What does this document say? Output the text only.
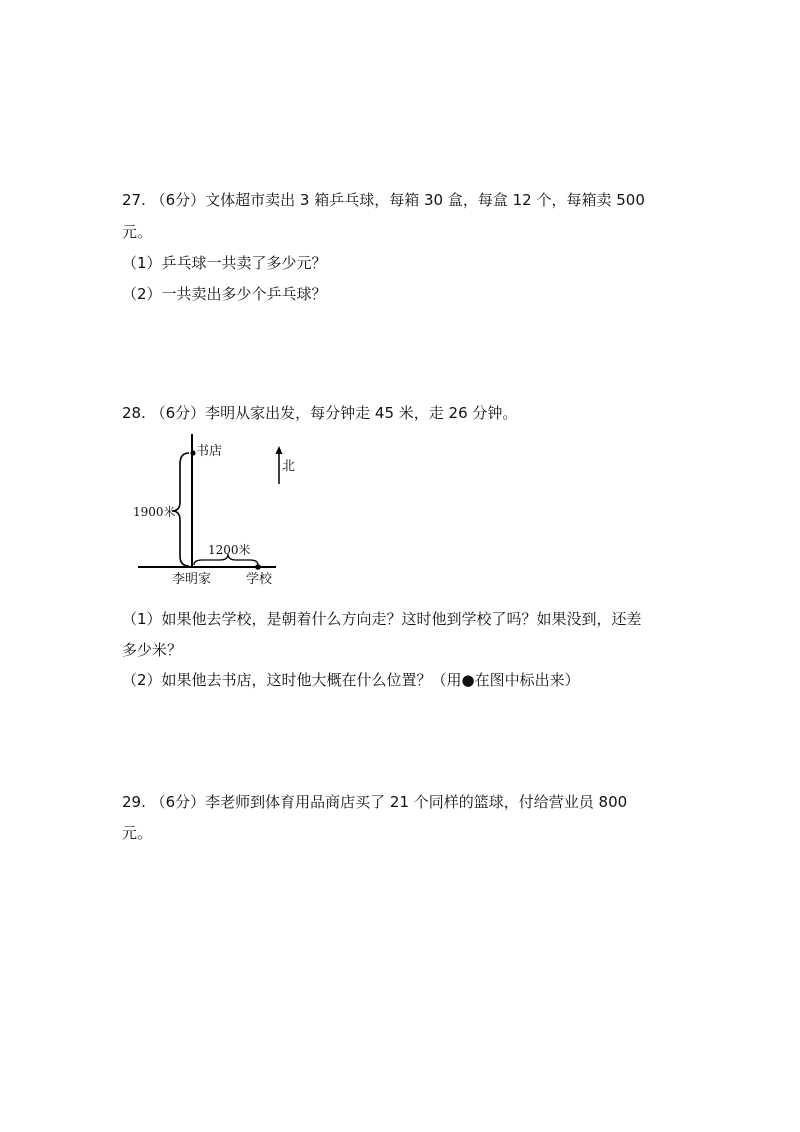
27. （6分）文体超市卖出 3 箱乒乓球，每箱 30 盒，每盒 12 个，每箱卖 500
元。
（1）乒乓球一共卖了多少元？
（2）一共卖出多少个乒乓球？
28. （6分）李明从家出发，每分钟走 45 米，走 26 分钟。
书店
北
1900米
1200米
李明家	学校
（1）如果他去学校，是朝着什么方向走？这时他到学校了吗？如果没到，还差
多少米？
（2）如果他去书店，这时他大概在什么位置？（用●在图中标出来）
29. （6分）李老师到体育用品商店买了 21 个同样的篮球，付给营业员 800
元。
